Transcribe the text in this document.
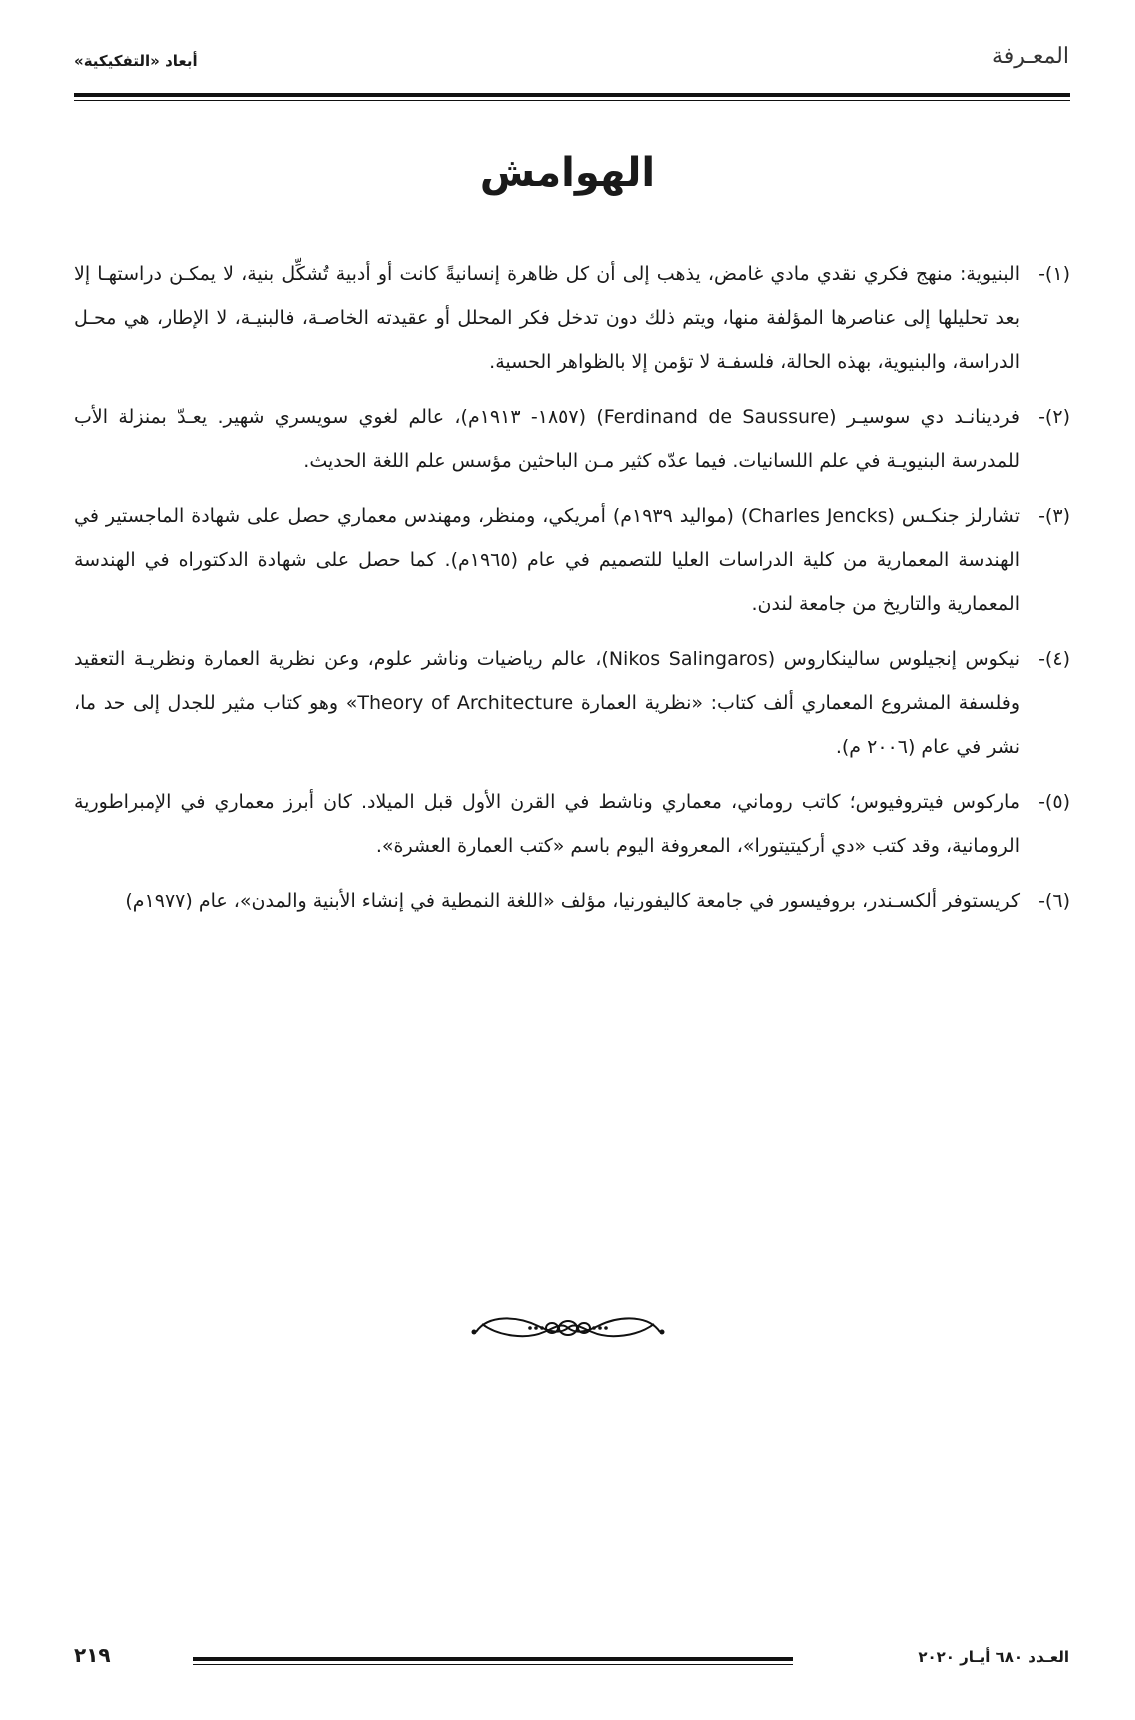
المعـرفة
أبعاد «التفكيكية»
الهوامش
(١)-
البنيوية: منهج فكري نقدي مادي غامض، يذهب إلى أن كل ظاهرة إنسانيةً كانت أو أدبية تُشكِّل بنية، لا يمكـن دراستهـا إلا بعد تحليلها إلى عناصرها المؤلفة منها، ويتم ذلك دون تدخل فكر المحلل أو عقيدته الخاصـة، فالبنيـة، لا الإطار، هي محـل الدراسة، والبنيوية، بهذه الحالة، فلسفـة لا تؤمن إلا بالظواهر الحسية.
(٢)-
فردينانـد دي سوسيـر (Ferdinand de Saussure) (١٨٥٧- ١٩١٣م)، عالم لغوي سويسري شهير. يعـدّ بمنزلة الأب للمدرسة البنيويـة في علم اللسانيات. فيما عدّه كثير مـن الباحثين مؤسس علم اللغة الحديث.
(٣)-
تشارلز جنكـس (Charles Jencks) (مواليد ١٩٣٩م) أمريكي، ومنظر، ومهندس معماري حصل على شهادة الماجستير في الهندسة المعمارية من كلية الدراسات العليا للتصميم في عام (١٩٦٥م). كما حصل على شهادة الدكتوراه في الهندسة المعمارية والتاريخ من جامعة لندن.
(٤)-
نيكوس إنجيلوس سالينكاروس (Nikos Salingaros)، عالم رياضيات وناشر علوم، وعن نظرية العمارة ونظريـة التعقيد وفلسفة المشروع المعماري ألف كتاب: «نظرية العمارة Theory of Architecture» وهو كتاب مثير للجدل إلى حد ما، نشر في عام (٢٠٠٦ م).
(٥)-
ماركوس فيتروفيوس؛ كاتب روماني، معماري وناشط في القرن الأول قبل الميلاد. كان أبرز معماري في الإمبراطورية الرومانية، وقد كتب «دي أركيتيتورا»، المعروفة اليوم باسم «كتب العمارة العشرة».
(٦)-
كريستوفر ألكسـندر، بروفيسور في جامعة كاليفورنيا، مؤلف «اللغة النمطية في إنشاء الأبنية والمدن»، عام (١٩٧٧م)
٢١٩	العـدد ٦٨٠ أيـار ٢٠٢٠
